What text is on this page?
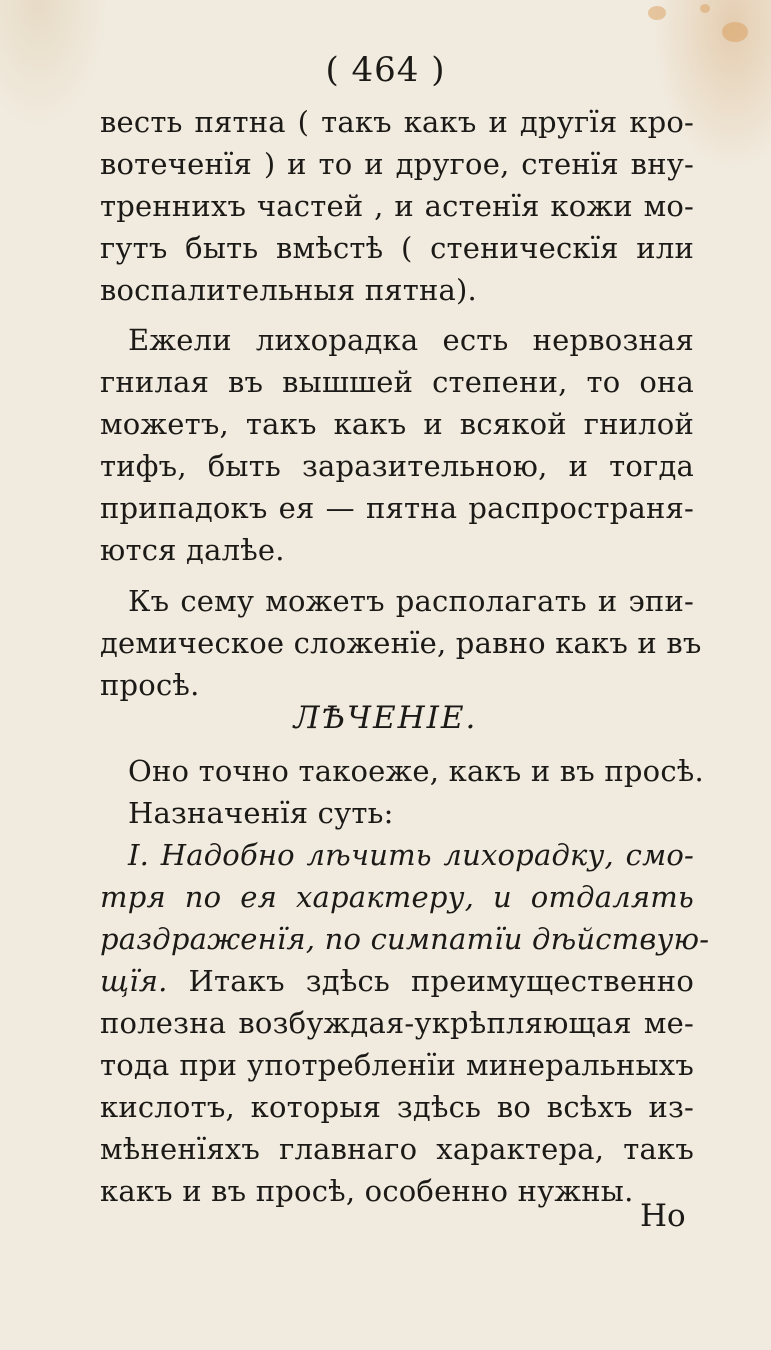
( 464 )
весть пятна ( такъ какъ и другїя кро-
вотеченїя ) и то и другое, стенїя вну-
треннихъ частей , и астенїя кожи мо-
гутъ быть вмѣстѣ ( стеническїя или
воспалительныя пятна).
Ежели лихорадка есть нервозная
гнилая въ вышшей степени, то она
можетъ, такъ какъ и всякой гнилой
тифъ, быть заразительною, и тогда
припадокъ ея — пятна распространя-
ются далѣе.
Къ сему можетъ располагать и эпи-
демическое сложенїе, равно какъ и въ
просѣ.
ЛѢЧЕНIЕ.
Оно точно такоеже, какъ и въ просѣ.
Назначенїя суть:
I. Надобно лѣчить лихорадку, смо-
тря по ея характеру, и отдалять
раздраженїя, по симпатїи дѣйствую-
щїя. Итакъ здѣсь преимущественно
полезна возбуждая-укрѣпляющая ме-
тода при употребленїи минеральныхъ
кислотъ, которыя здѣсь во всѣхъ из-
мѣненїяхъ главнаго характера, такъ
какъ и въ просѣ, особенно нужны.
Но
